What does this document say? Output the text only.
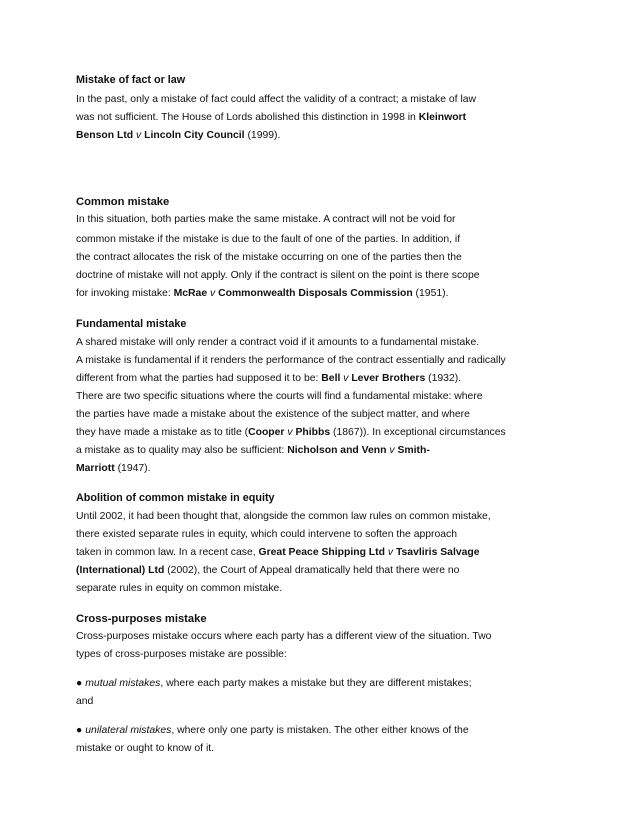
Mistake of fact or law
In the past, only a mistake of fact could affect the validity of a contract; a mistake of law
was not sufficient. The House of Lords abolished this distinction in 1998 in Kleinwort
Benson Ltd v Lincoln City Council (1999).
Common mistake
In this situation, both parties make the same mistake. A contract will not be void for
common mistake if the mistake is due to the fault of one of the parties. In addition, if
the contract allocates the risk of the mistake occurring on one of the parties then the
doctrine of mistake will not apply. Only if the contract is silent on the point is there scope
for invoking mistake: McRae v Commonwealth Disposals Commission (1951).
Fundamental mistake
A shared mistake will only render a contract void if it amounts to a fundamental mistake.
A mistake is fundamental if it renders the performance of the contract essentially and radically
different from what the parties had supposed it to be: Bell v Lever Brothers (1932).
There are two specific situations where the courts will find a fundamental mistake: where
the parties have made a mistake about the existence of the subject matter, and where
they have made a mistake as to title (Cooper v Phibbs (1867)). In exceptional circumstances
a mistake as to quality may also be sufficient: Nicholson and Venn v Smith-
Marriott (1947).
Abolition of common mistake in equity
Until 2002, it had been thought that, alongside the common law rules on common mistake,
there existed separate rules in equity, which could intervene to soften the approach
taken in common law. In a recent case, Great Peace Shipping Ltd v Tsavliris Salvage
(International) Ltd (2002), the Court of Appeal dramatically held that there were no
separate rules in equity on common mistake.
Cross-purposes mistake
Cross-purposes mistake occurs where each party has a different view of the situation. Two
types of cross-purposes mistake are possible:
● mutual mistakes, where each party makes a mistake but they are different mistakes;
and
● unilateral mistakes, where only one party is mistaken. The other either knows of the
mistake or ought to know of it.
